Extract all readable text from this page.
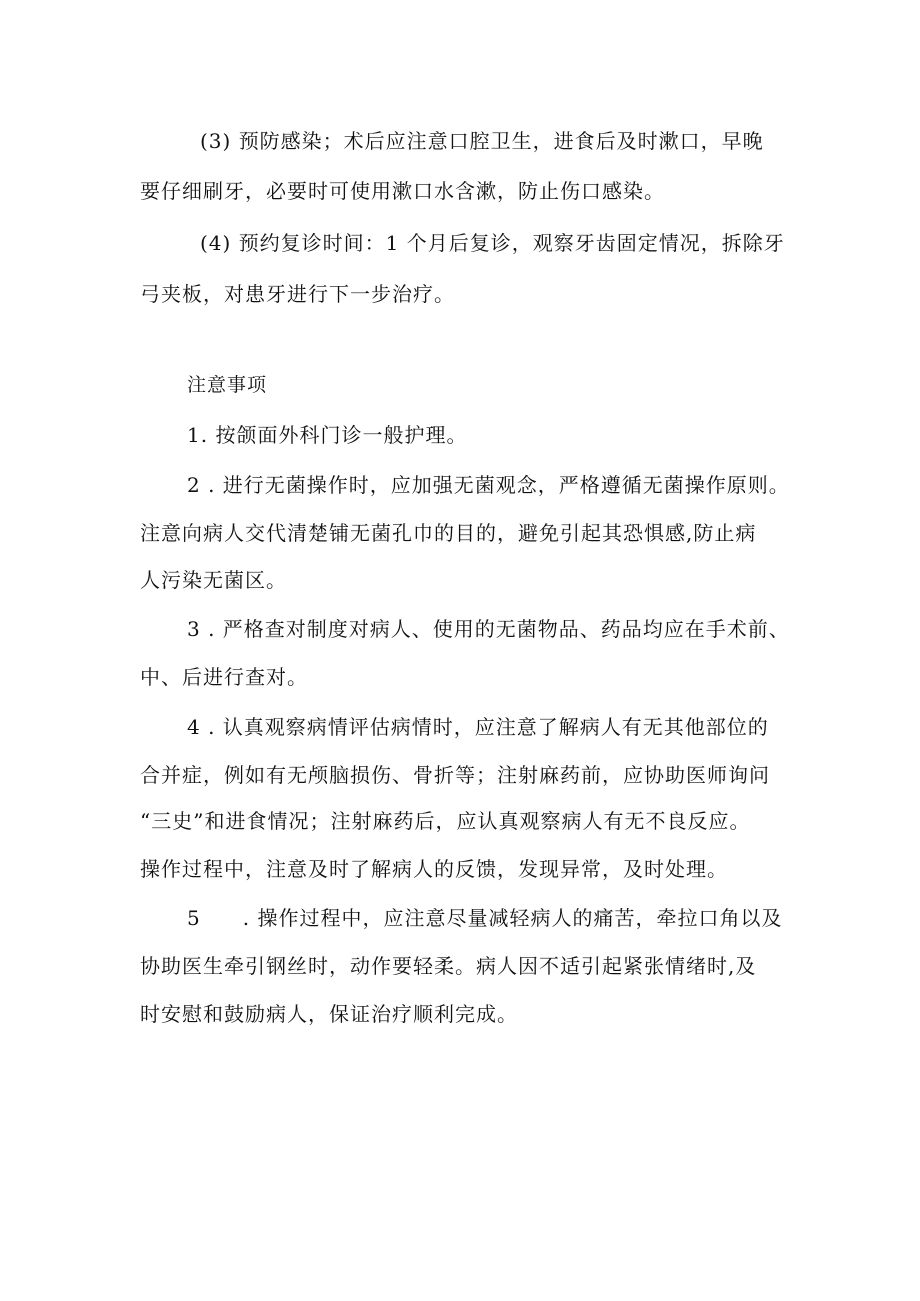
(3) 预防感染；术后应注意口腔卫生，进食后及时漱口，早晚
要仔细刷牙，必要时可使用漱口水含漱，防止伤口感染。
(4) 预约复诊时间：1 个月后复诊，观察牙齿固定情况，拆除牙
弓夹板，对患牙进行下一步治疗。
注意事项
1. 按颌面外科门诊一般护理。
2 . 进行无菌操作时，应加强无菌观念，严格遵循无菌操作原则。
注意向病人交代清楚铺无菌孔巾的目的，避免引起其恐惧感,防止病
人污染无菌区。
3 . 严格查对制度对病人、使用的无菌物品、药品均应在手术前、
中、后进行查对。
4 . 认真观察病情评估病情时，应注意了解病人有无其他部位的
合并症，例如有无颅脑损伤、骨折等；注射麻药前，应协助医师询问
“三史”和进食情况；注射麻药后，应认真观察病人有无不良反应。
操作过程中，注意及时了解病人的反馈，发现异常，及时处理。
5　　. 操作过程中，应注意尽量减轻病人的痛苦，牵拉口角以及
协助医生牵引钢丝时，动作要轻柔。病人因不适引起紧张情绪时,及
时安慰和鼓励病人，保证治疗顺利完成。
